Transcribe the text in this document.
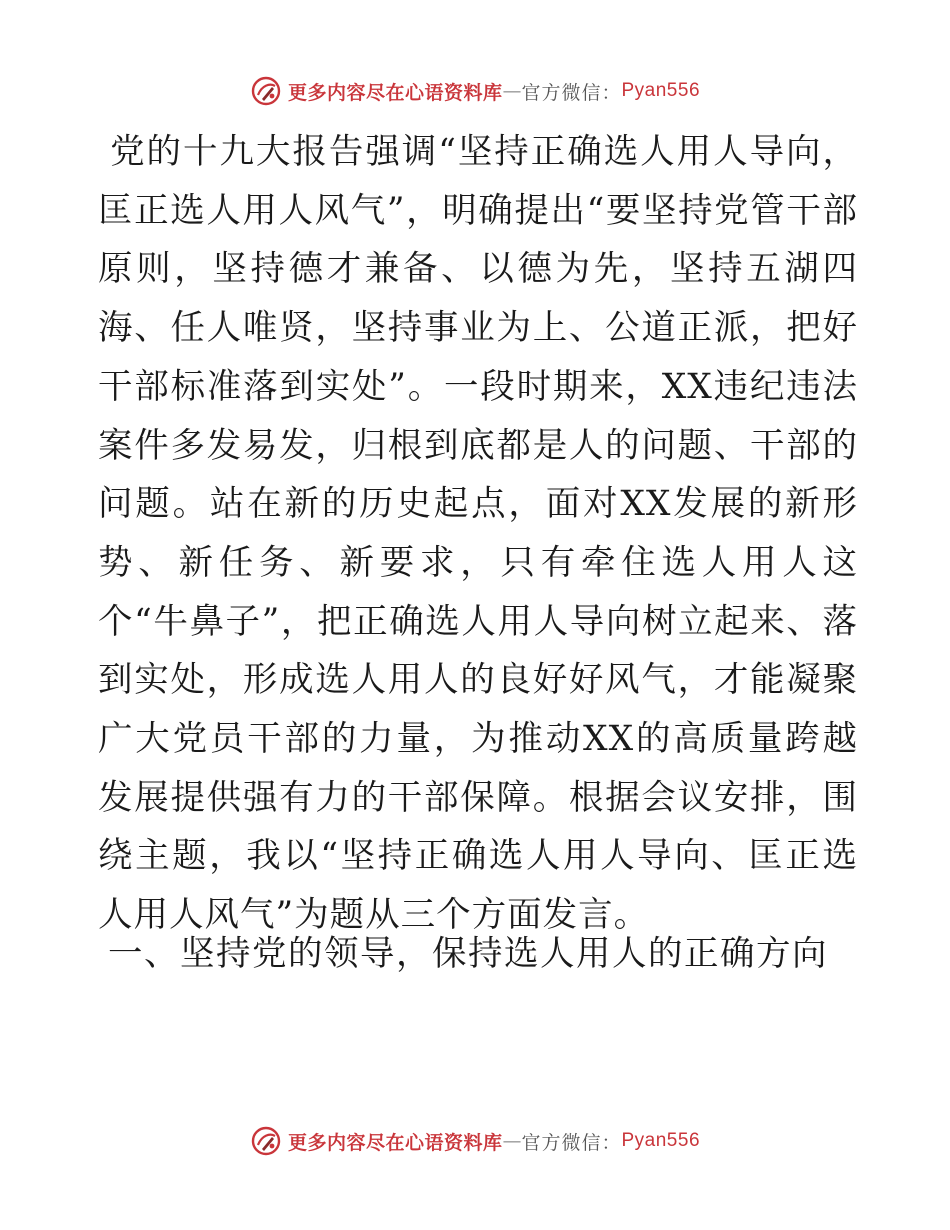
更多内容尽在心语资料库 — 官方微信： Pyan556

党的十九大报告强调“坚持正确选人用人导向，匡正选人用人风气”，明确提出“要坚持党管干部原则，坚持德才兼备、以德为先，坚持五湖四海、任人唯贤，坚持事业为上、公道正派，把好干部标准落到实处”。一段时期来，XX违纪违法案件多发易发，归根到底都是人的问题、干部的问题。站在新的历史起点，面对XX发展的新形势、新任务、新要求，只有牵住选人用人这个“牛鼻子”，把正确选人用人导向树立起来、落到实处，形成选人用人的良好好风气，才能凝聚广大党员干部的力量，为推动XX的高质量跨越发展提供强有力的干部保障。根据会议安排，围绕主题，我以“坚持正确选人用人导向、匡正选人用人风气”为题从三个方面发言。

一、坚持党的领导，保持选人用人的正确方向
更多内容尽在心语资料库 — 官方微信： Pyan556
